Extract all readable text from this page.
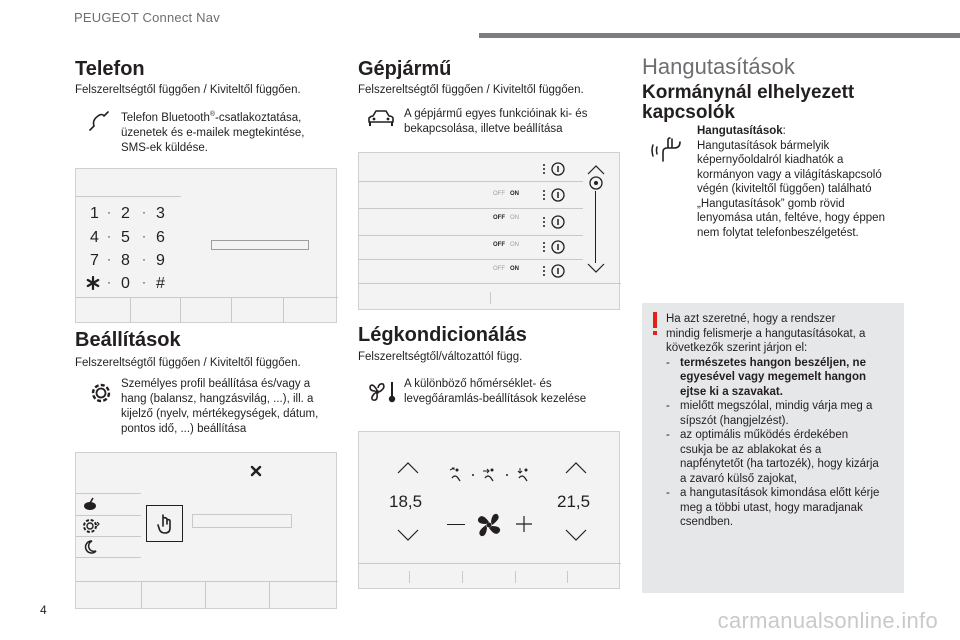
PEUGEOT Connect Nav
Telefon
Felszereltségtől függően / Kiviteltől függően.
Telefon Bluetooth®-csatlakoztatása,
üzenetek és e-mailek megtekintése,
SMS-ek küldése.
1 · 2 · 3
4 · 5 · 6
7 · 8 · 9
· 0 · #
Beállítások
Felszereltségtől függően / Kiviteltől függően.
Személyes profil beállítása és/vagy a
hang (balansz, hangzásvilág, ...), ill. a
kijelző (nyelv, mértékegységek, dátum,
pontos idő, ...) beállítása
Gépjármű
Felszereltségtől függően / Kiviteltől függően.
A gépjármű egyes funkcióinak ki- és
bekapcsolása, illetve beállítása
OFF ON
OFF ON
OFF ON
OFF ON
Légkondicionálás
Felszereltségtől/változattól függ.
A különböző hőmérséklet- és
levegőáramlás-beállítások kezelése
18,5	21,5
Hangutasítások
Kormánynál elhelyezett
kapcsolók
Hangutasítások:
Hangutasítások bármelyik
képernyőoldalról kiadhatók a
kormányon vagy a világításkapcsoló
végén (kiviteltől függően) található
„Hangutasítások” gomb rövid
lenyomása után, feltéve, hogy éppen
nem folytat telefonbeszélgetést.
Ha azt szeretné, hogy a rendszer
mindig felismerje a hangutasításokat, a
következők szerint járjon el:
- természetes hangon beszéljen, ne
egyesével vagy megemelt hangon
ejtse ki a szavakat.
- mielőtt megszólal, mindig várja meg a
sípszót (hangjelzést).
- az optimális működés érdekében
csukja be az ablakokat és a
napfénytetőt (ha tartozék), hogy kizárja
a zavaró külső zajokat,
- a hangutasítások kimondása előtt kérje
meg a többi utast, hogy maradjanak
csendben.
4	carmanualsonline.info
